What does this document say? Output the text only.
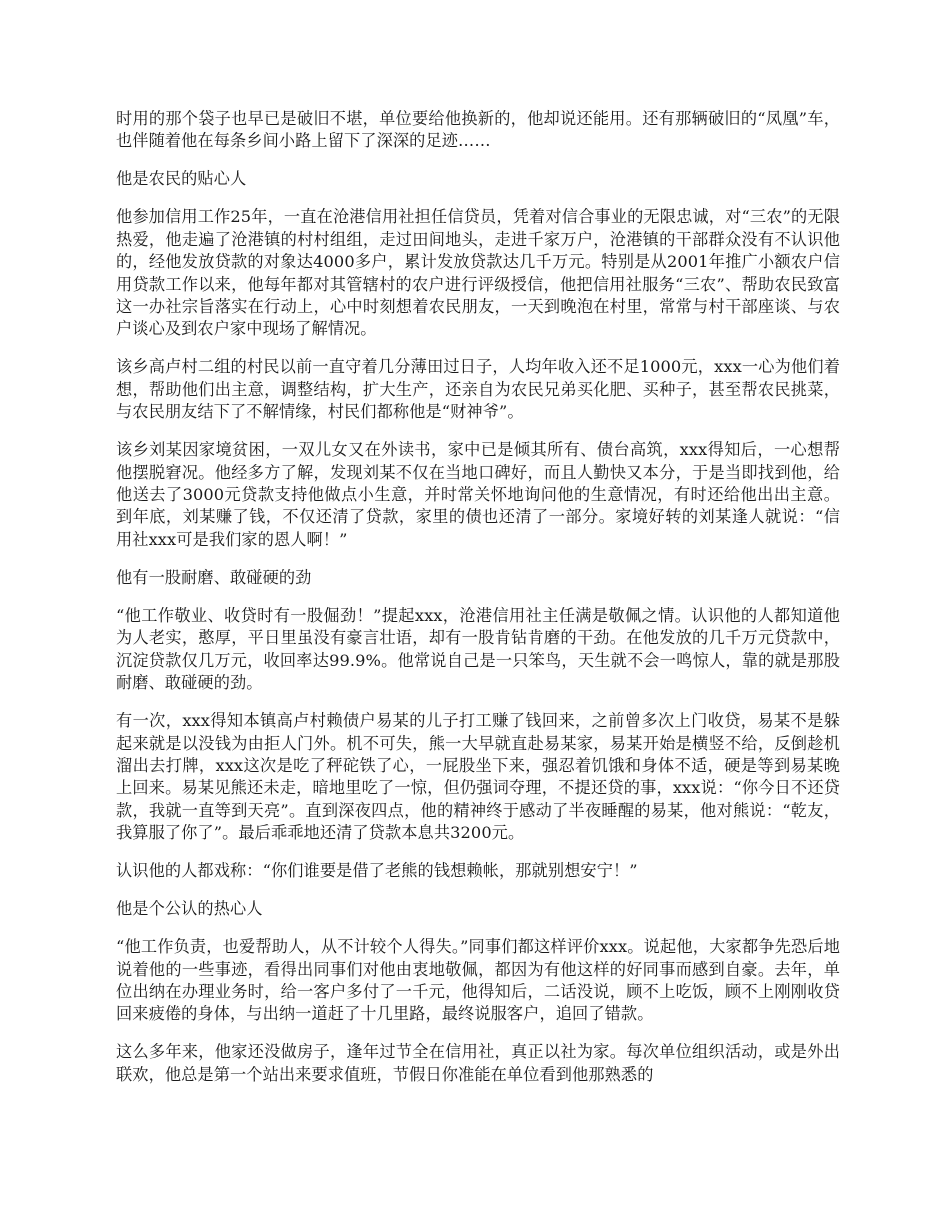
时用的那个袋子也早已是破旧不堪，单位要给他换新的，他却说还能用。还有那辆破旧的“凤凰”车，也伴随着他在每条乡间小路上留下了深深的足迹……

他是农民的贴心人

他参加信用工作25年，一直在沧港信用社担任信贷员，凭着对信合事业的无限忠诚，对“三农”的无限热爱，他走遍了沧港镇的村村组组，走过田间地头，走进千家万户，沧港镇的干部群众没有不认识他的，经他发放贷款的对象达4000多户，累计发放贷款达几千万元。特别是从2001年推广小额农户信用贷款工作以来，他每年都对其管辖村的农户进行评级授信，他把信用社服务“三农”、帮助农民致富这一办社宗旨落实在行动上，心中时刻想着农民朋友，一天到晚泡在村里，常常与村干部座谈、与农户谈心及到农户家中现场了解情况。

该乡高卢村二组的村民以前一直守着几分薄田过日子，人均年收入还不足1000元，xxx一心为他们着想，帮助他们出主意，调整结构，扩大生产，还亲自为农民兄弟买化肥、买种子，甚至帮农民挑菜，与农民朋友结下了不解情缘，村民们都称他是“财神爷”。

该乡刘某因家境贫困，一双儿女又在外读书，家中已是倾其所有、债台高筑，xxx得知后，一心想帮他摆脱窘况。他经多方了解，发现刘某不仅在当地口碑好，而且人勤快又本分，于是当即找到他，给他送去了3000元贷款支持他做点小生意，并时常关怀地询问他的生意情况，有时还给他出出主意。到年底，刘某赚了钱，不仅还清了贷款，家里的债也还清了一部分。家境好转的刘某逢人就说：“信用社xxx可是我们家的恩人啊！”

他有一股耐磨、敢碰硬的劲

“他工作敬业、收贷时有一股倔劲！”提起xxx，沧港信用社主任满是敬佩之情。认识他的人都知道他为人老实，憨厚，平日里虽没有豪言壮语，却有一股肯钻肯磨的干劲。在他发放的几千万元贷款中，沉淀贷款仅几万元，收回率达99.9%。他常说自己是一只笨鸟，天生就不会一鸣惊人，靠的就是那股耐磨、敢碰硬的劲。

有一次，xxx得知本镇高卢村赖债户易某的儿子打工赚了钱回来，之前曾多次上门收贷，易某不是躲起来就是以没钱为由拒人门外。机不可失，熊一大早就直赴易某家，易某开始是横竖不给，反倒趁机溜出去打牌，xxx这次是吃了秤砣铁了心，一屁股坐下来，强忍着饥饿和身体不适，硬是等到易某晚上回来。易某见熊还未走，暗地里吃了一惊，但仍强词夺理，不提还贷的事，xxx说：“你今日不还贷款，我就一直等到天亮”。直到深夜四点，他的精神终于感动了半夜睡醒的易某，他对熊说：“乾友，我算服了你了”。最后乖乖地还清了贷款本息共3200元。

认识他的人都戏称：“你们谁要是借了老熊的钱想赖帐，那就别想安宁！”

他是个公认的热心人

“他工作负责，也爱帮助人，从不计较个人得失。”同事们都这样评价xxx。说起他，大家都争先恐后地说着他的一些事迹，看得出同事们对他由衷地敬佩，都因为有他这样的好同事而感到自豪。去年，单位出纳在办理业务时，给一客户多付了一千元，他得知后，二话没说，顾不上吃饭，顾不上刚刚收贷回来疲倦的身体，与出纳一道赶了十几里路，最终说服客户，追回了错款。

这么多年来，他家还没做房子，逢年过节全在信用社，真正以社为家。每次单位组织活动，或是外出联欢，他总是第一个站出来要求值班，节假日你准能在单位看到他那熟悉的
